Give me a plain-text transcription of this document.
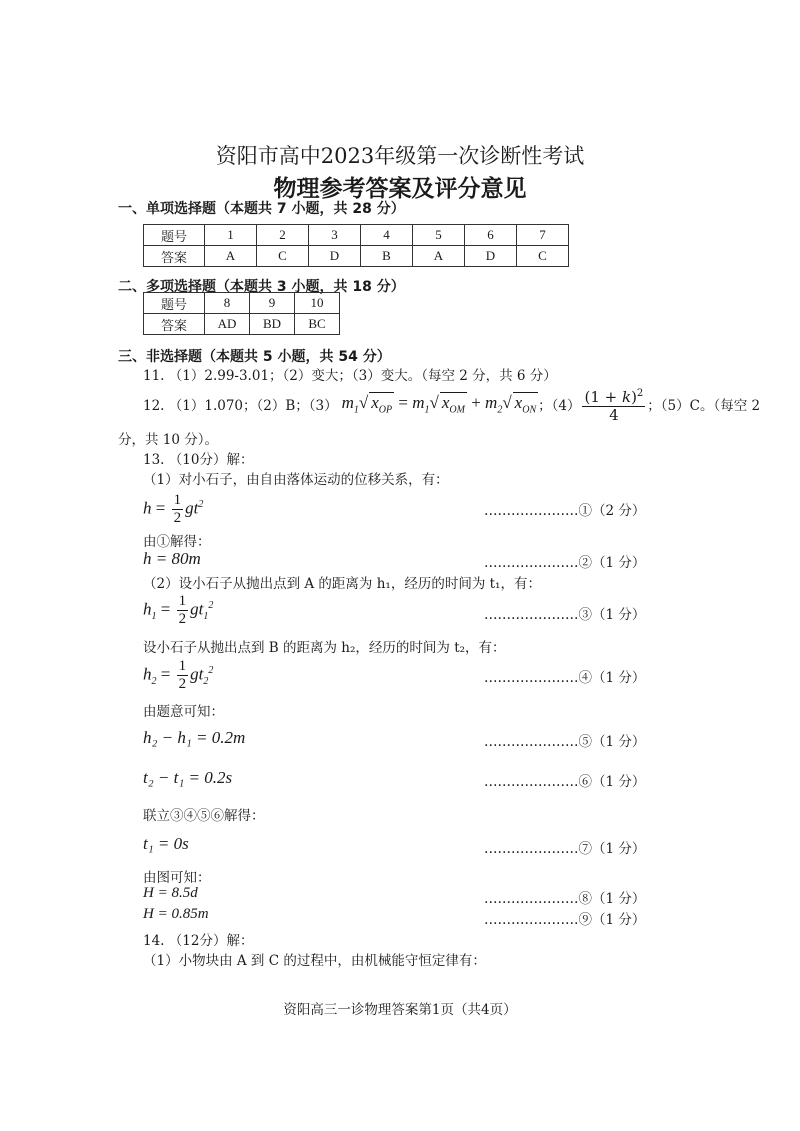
资阳市高中2023年级第一次诊断性考试
物理参考答案及评分意见
一、单项选择题（本题共 7 小题，共 28 分）
题号	1	2	3	4	5	6	7
答案	A	C	D	B	A	D	C
二、多项选择题（本题共 3 小题，共 18 分）
题号	8	9	10
答案	AD	BD	BC
三、非选择题（本题共 5 小题，共 54 分）
11. （1）2.99-3.01；（2）变大；（3）变大。（每空 2 分，共 6 分）
12. （1）1.070；（2）B；（3） $m_1√$ $x_{OP} = m_1√$ $x_{OM} + m_2√$ $x_{ON}$ ；$(4) \frac{(1 + k)^2}{4}$ ；（5）C。（每空 2
分，共 10 分）。
13. （10分）解：
（1）对小石子，由自由落体运动的位移关系，有：
$h = \frac{1}{2} gt^2$	…………………①（2 分）
由①解得：
h = 80m	…………………②（1 分）
（2）设小石子从抛出点到 A 的距离为 h₁，经历的时间为 t₁，有：
$h_1 = \frac{1}{2} gt_1^2$
…………………③（1 分）
设小石子从抛出点到 B 的距离为 h₂，经历的时间为 t₂，有：
$h_2 = \frac{1}{2} gt_2^2$	…………………④（1 分）
由题意可知：
h₂ − h₁ = 0.2m	…………………⑤（1 分）
t₂ − t₁ = 0.2s	…………………⑥（1 分）
联立③④⑤⑥解得：
t₁ = 0s	…………………⑦（1 分）
由图可知：
H = 8.5d	…………………⑧（1 分）
H = 0.85m	…………………⑨（1 分）
14. （12分）解：
（1）小物块由 A 到 C 的过程中，由机械能守恒定律有：
资阳高三一诊物理答案第1页（共4页）
